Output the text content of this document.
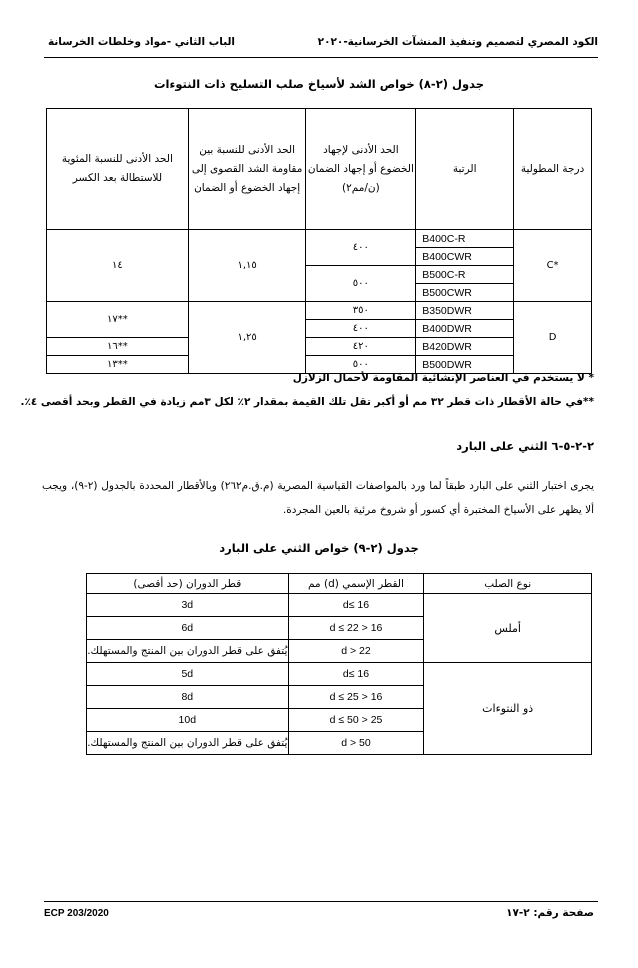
الكود المصري لتصميم وتنفيذ المنشآت الخرسانية-٢٠٢٠
الباب الثاني -مواد وخلطات الخرسانة
جدول (٢-٨) خواص الشد لأسياخ صلب التسليح ذات النتوءات
درجة المطولية	الرتبة	الحد الأدنى لإجهاد الخضوع أو إجهاد الضمان (ن/مم٢)	الحد الأدنى للنسبة بين مقاومة الشد القصوى إلى إجهاد الخضوع أو الضمان	الحد الأدنى للنسبة المئوية للاستطالة بعد الكسر
*C	B400C-R	٤٠٠	١,١٥	١٤
	B400CWR			
	B500C-R	٥٠٠		
	B500CWR			
D	B350DWR	٣٥٠	١,٢٥	**١٧
	B400DWR	٤٠٠		
	B420DWR	٤٢٠		**١٦
	B500DWR	٥٠٠		**١٣
* لا يستخدم في العناصر الإنشائية المقاومة لأحمال الزلازل
**في حالة الأقطار ذات قطر ٣٢ مم أو أكبر تقل تلك القيمة بمقدار ٢٪ لكل ٣مم زيادة في القطر وبحد أقصى ٤٪.
٢-٢-٥-٦ الثني على البارد
يجرى اختبار الثني على البارد طبقاً لما ورد بالمواصفات القياسية المصرية (م.ق.م٢٦٢) وبالأقطار المحددة بالجدول (٢-٩)، ويجب ألا يظهر على الأسياخ المختبرة أي كسور أو شروخ مرئية بالعين المجردة.
جدول (٢-٩) خواص الثني على البارد
نوع الصلب	القطر الإسمي (d) مم	قطر الدوران (حد أقصى)
أملس	d≤ 16	3d
	16 < d ≤ 22	6d
	d > 22	يُتفق على قطر الدوران بين المنتج والمستهلك.
ذو النتوءات	d≤ 16	5d
	16 < d ≤ 25	8d
	25 < d ≤ 50	10d
	d > 50	يُتفق على قطر الدوران بين المنتج والمستهلك.
ECP 203/2020	صفحة رقم: ٢-١٧
